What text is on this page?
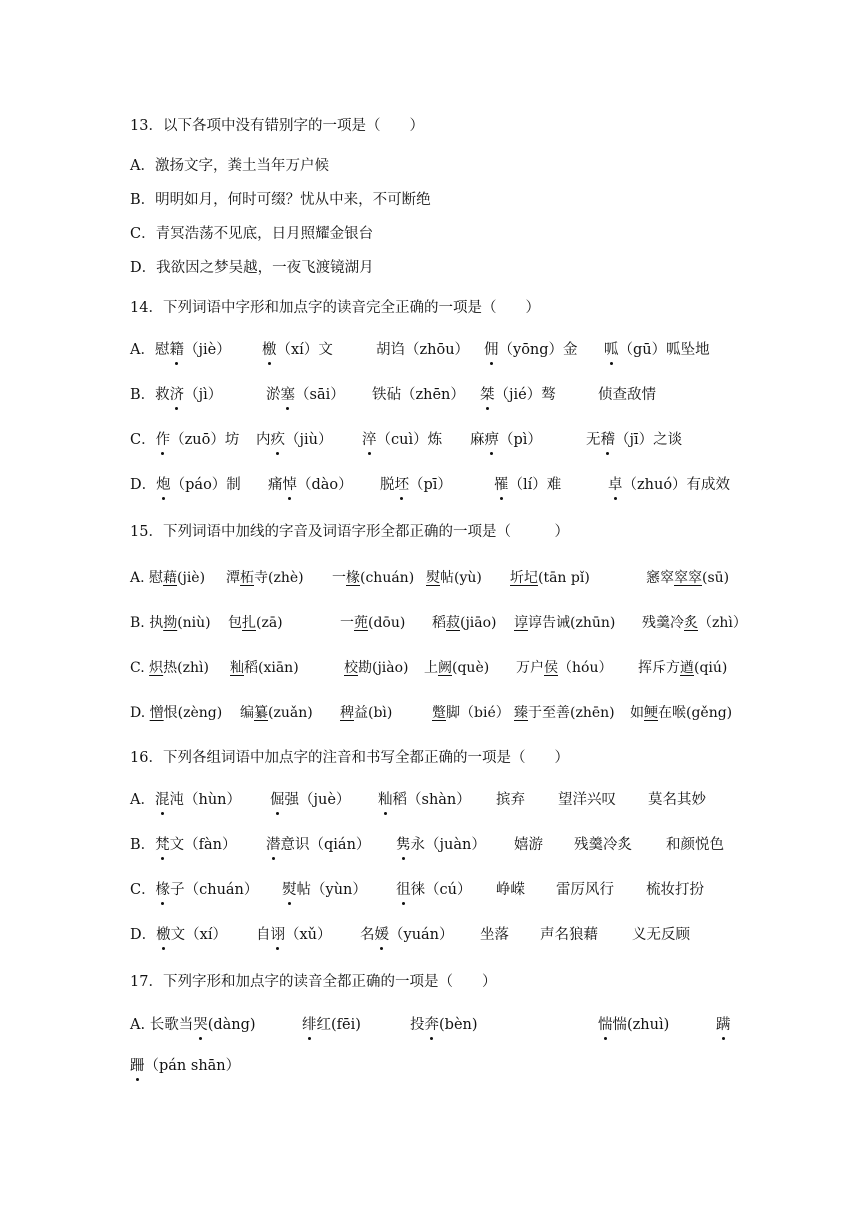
13．以下各项中没有错别字的一项是（　　）
A．激扬文字，粪土当年万户候
B．明明如月，何时可缀？忧从中来，不可断绝
C．青冥浩荡不见底，日月照耀金银台
D．我欲因之梦吴越，一夜飞渡镜湖月
14．下列词语中字形和加点字的读音完全正确的一项是（　　）
A．慰籍（jiè） 檄（xí）文	胡诌（zhōu） 佣（yōng）金 呱（gū）呱坠地
B．救济（jì）	淤塞（sāi） 铁砧（zhēn） 桀（jié）骜	侦查敌情
C．作（zuō）坊 内疚（jiù） 淬（cuì）炼 麻痹（pì）	无稽（jī）之谈
D．炮（páo）制 痛悼（dào） 脱坯（pī）	罹（lí）难	卓（zhuó）有成效
15．下列词语中加线的字音及词语字形全都正确的一项是（　　　）
A. 慰藉(jiè) 潭柘寺(zhè) 一椽(chuán) 熨帖(yù) 圻圮(tān pǐ)	窸窣窣窣(sū)
B. 执拗(niù) 包扎(zā)	一蔸(dōu) 稻菽(jiāo) 谆谆告诫(zhūn) 残羹冷炙（zhì）
C. 炽热(zhì) 籼稻(xiān)	校勘(jiào) 上阙(què) 万户侯（hóu） 挥斥方遒(qiú)
D. 憎恨(zèng) 编纂(zuǎn) 稗益(bì)	蹩脚（bié） 臻于至善(zhēn) 如鲠在喉(gěng)
16．下列各组词语中加点字的注音和书写全都正确的一项是（　　）
A．混沌（hùn） 倔强（juè） 籼稻（shàn） 摈弃 望洋兴叹 莫名其妙
B．梵文（fàn） 潜意识（qián） 隽永（juàn） 嬉游 残羹冷炙 和颜悦色
C．椽子（chuán） 熨帖（yùn） 徂徕（cú） 峥嵘 雷厉风行 梳妆打扮
D．檄文（xí） 自诩（xǔ） 名媛（yuán） 坐落 声名狼藉 义无反顾
17．下列字形和加点字的读音全都正确的一项是（　　）
A. 长歌当哭(dàng)	绯红(fēi)	投奔(bèn)	惴惴(zhuì)	蹒
跚（pán shān）
